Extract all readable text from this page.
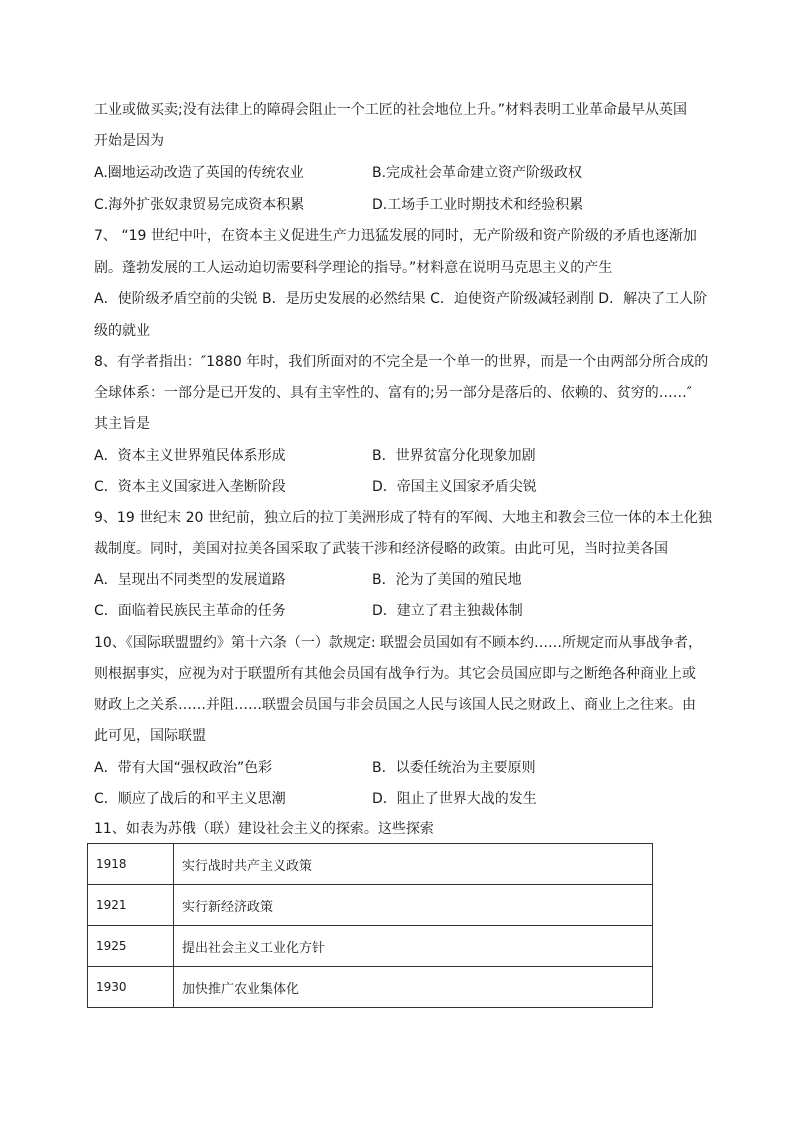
工业或做买卖;没有法律上的障碍会阻止一个工匠的社会地位上升。”材料表明工业革命最早从英国
开始是因为
A.圈地运动改造了英国的传统农业	B.完成社会革命建立资产阶级政权
C.海外扩张奴隶贸易完成资本积累	D.工场手工业时期技术和经验积累
7、 “19 世纪中叶，在资本主义促进生产力迅猛发展的同时，无产阶级和资产阶级的矛盾也逐渐加
剧。蓬勃发展的工人运动迫切需要科学理论的指导。”材料意在说明马克思主义的产生
A．使阶级矛盾空前的尖锐 B．是历史发展的必然结果 C．迫使资产阶级减轻剥削 D．解决了工人阶
级的就业
8、有学者指出：″1880 年时，我们所面对的不完全是一个单一的世界，而是一个由两部分所合成的
全球体系：一部分是已开发的、具有主宰性的、富有的;另一部分是落后的、依赖的、贫穷的……″
其主旨是
A．资本主义世界殖民体系形成	B．世界贫富分化现象加剧
C．资本主义国家进入垄断阶段	D．帝国主义国家矛盾尖锐
9、19 世纪末 20 世纪前，独立后的拉丁美洲形成了特有的军阀、大地主和教会三位一体的本土化独
裁制度。同时，美国对拉美各国采取了武装干涉和经济侵略的政策。由此可见，当时拉美各国
A．呈现出不同类型的发展道路	B．沦为了美国的殖民地
C．面临着民族民主革命的任务	D．建立了君主独裁体制
10、《国际联盟盟约》第十六条（一）款规定: 联盟会员国如有不顾本约……所规定而从事战争者，
则根据事实，应视为对于联盟所有其他会员国有战争行为。其它会员国应即与之断绝各种商业上或
财政上之关系……并阻……联盟会员国与非会员国之人民与该国人民之财政上、商业上之往来。由
此可见，国际联盟
A．带有大国“强权政治”色彩	B．以委任统治为主要原则
C．顺应了战后的和平主义思潮	D．阻止了世界大战的发生
11、如表为苏俄（联）建设社会主义的探索。这些探索
1918	实行战时共产主义政策
1921	实行新经济政策
1925	提出社会主义工业化方针
1930	加快推广农业集体化
